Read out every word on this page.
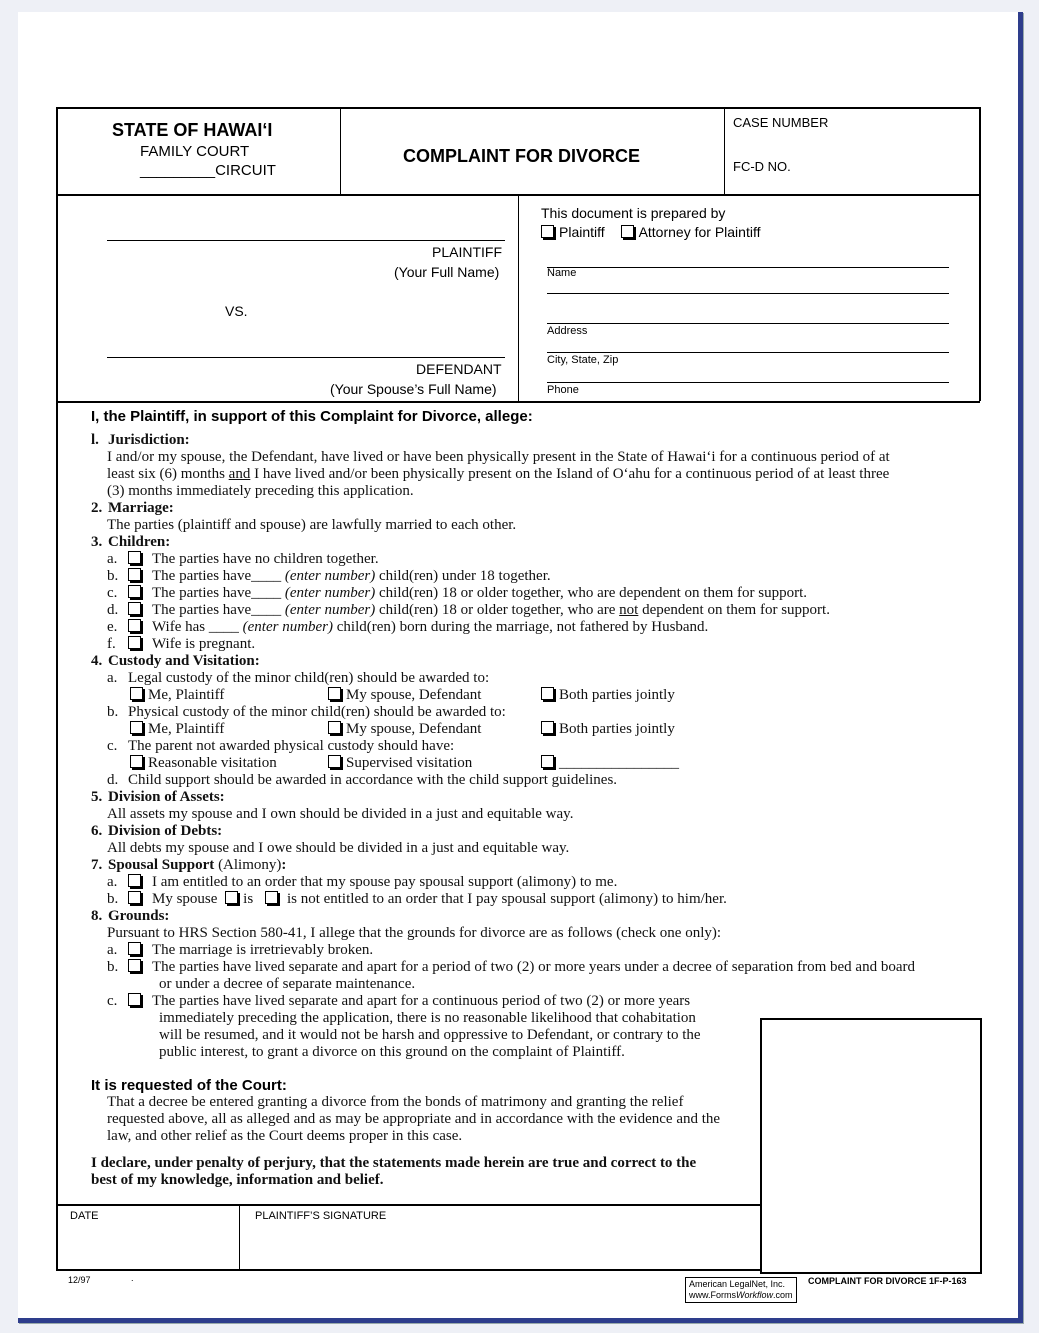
STATE OF HAWAI‘I
FAMILY COURT
_________CIRCUIT
COMPLAINT FOR DIVORCE
CASE NUMBER
FC-D NO.
PLAINTIFF
(Your Full Name)
VS.
DEFENDANT
(Your Spouse’s Full Name)
This document is prepared by
Plaintiff Attorney for Plaintiff
Name
Address
City, State, Zip
Phone
I, the Plaintiff, in support of this Complaint for Divorce, allege:
l. Jurisdiction:
I and/or my spouse, the Defendant, have lived or have been physically present in the State of Hawai‘i for a continuous period of at
least six (6) months and I have lived and/or been physically present on the Island of O‘ahu for a continuous period of at least three
(3) months immediately preceding this application.
2. Marriage:
The parties (plaintiff and spouse) are lawfully married to each other.
3. Children:
a. The parties have no children together.
b. The parties have____ (enter number) child(ren) under 18 together.
c. The parties have____ (enter number) child(ren) 18 or older together, who are dependent on them for support.
d. The parties have____ (enter number) child(ren) 18 or older together, who are not dependent on them for support.
e. Wife has ____ (enter number) child(ren) born during the marriage, not fathered by Husband.
f. Wife is pregnant.
4. Custody and Visitation:
a. Legal custody of the minor child(ren) should be awarded to:
Me, Plaintiff	My spouse, Defendant	Both parties jointly
b. Physical custody of the minor child(ren) should be awarded to:
Me, Plaintiff	My spouse, Defendant	Both parties jointly
c. The parent not awarded physical custody should have:
Reasonable visitation	Supervised visitation	________________
d. Child support should be awarded in accordance with the child support guidelines.
5. Division of Assets:
All assets my spouse and I own should be divided in a just and equitable way.
6. Division of Debts:
All debts my spouse and I owe should be divided in a just and equitable way.
7. Spousal Support (Alimony):
a. I am entitled to an order that my spouse pay spousal support (alimony) to me.
b. My spouse is is not entitled to an order that I pay spousal support (alimony) to him/her.
8. Grounds:
Pursuant to HRS Section 580-41, I allege that the grounds for divorce are as follows (check one only):
a. The marriage is irretrievably broken.
b. The parties have lived separate and apart for a period of two (2) or more years under a decree of separation from bed and board
or under a decree of separate maintenance.
c. The parties have lived separate and apart for a continuous period of two (2) or more years
immediately preceding the application, there is no reasonable likelihood that cohabitation
will be resumed, and it would not be harsh and oppressive to Defendant, or contrary to the
public interest, to grant a divorce on this ground on the complaint of Plaintiff.
It is requested of the Court:
That a decree be entered granting a divorce from the bonds of matrimony and granting the relief
requested above, all as alleged and as may be appropriate and in accordance with the evidence and the
law, and other relief as the Court deems proper in this case.
I declare, under penalty of perjury, that the statements made herein are true and correct to the
best of my knowledge, information and belief.
DATE	PLAINTIFF’S SIGNATURE
12/97	.
American LegalNet, Inc.
www.FormsWorkflow.com
COMPLAINT FOR DIVORCE 1F-P-163
